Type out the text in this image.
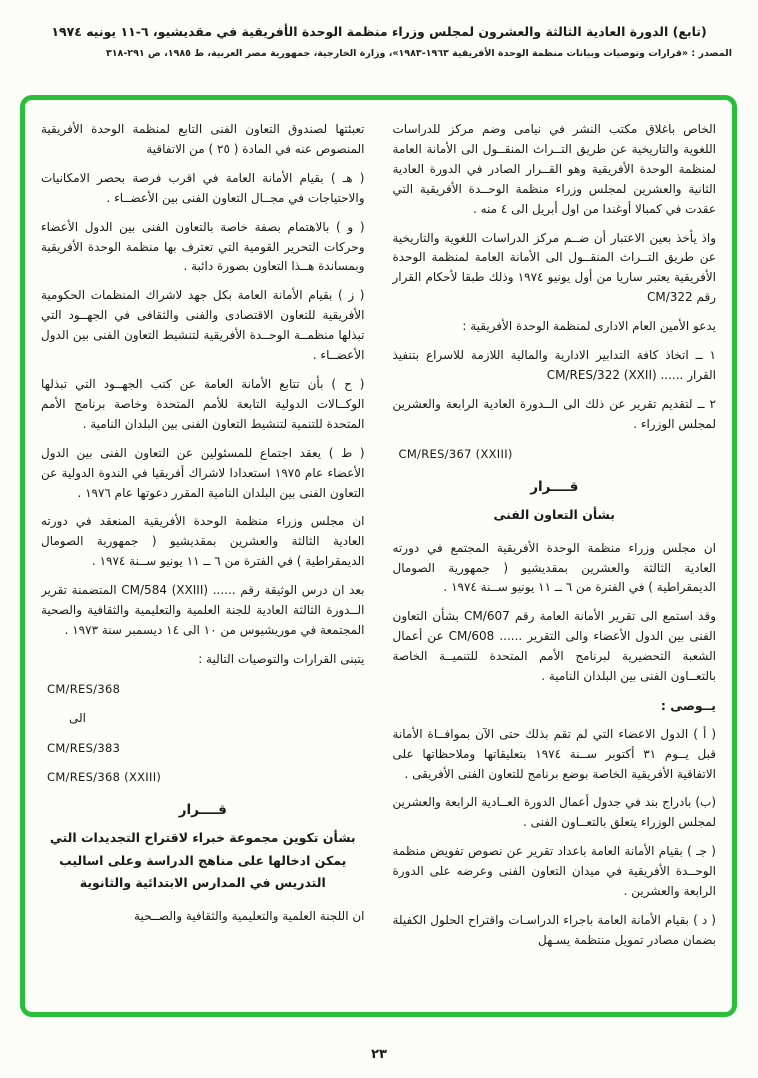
(تابع) الدورة العادية الثالثة والعشرون لمجلس وزراء منظمة الوحدة الأفريقية في مقديشيو، ٦-١١ يونيه ١٩٧٤
المصدر : «قرارات وتوصيات وبيانات منظمة الوحدة الأفريقية ١٩٦٣-١٩٨٣»، وزارة الخارجية، جمهورية مصر العربية، ط ١٩٨٥، ص ٢٩١-٣١٨
الخاص باغلاق مكتب النشر في نيامى وضم مركز للدراسات اللغوية والتاريخية عن طريق التــراث المنقــول الى الأمانة العامة لمنظمة الوحدة الأفريقية وهو القــرار الصادر في الدورة العادية الثانية والعشرين لمجلس وزراء منظمة الوحــدة الأفريقية التي عقدت في كمبالا أوغندا من اول أبريل الى ٤ منه .
واذ يأخذ بعين الاعتبار أن ضــم مركز الدراسات اللغوية والتاريخية عن طريق التــراث المنقــول الى الأمانة العامة لمنظمة الوحدة الأفريقية يعتبر ساريا من أول يونيو ١٩٧٤ وذلك طبقا لأحكام القرار رقم CM/322
يدعو الأمين العام الادارى لمنظمة الوحدة الأفريقية :
١ ــ اتخاذ كافة التدابير الادارية والمالية اللازمة للاسراع بتنفيذ القرار ...... CM/RES/322 (XXII)
٢ ــ لتقديم تقرير عن ذلك الى الــدورة العادية الرابعة والعشرين لمجلس الوزراء .
CM/RES/367 (XXIII)
قــــرار
بشأن التعاون الفنى
ان مجلس وزراء منظمة الوحدة الأفريقية المجتمع في دورته العادية الثالثة والعشرين بمقديشيو ( جمهورية الصومال الديمقراطية ) في الفترة من ٦ ــ ١١ يونيو ســنة ١٩٧٤ .
وقد استمع الى تقرير الأمانة العامة رقم CM/607 بشأن التعاون الفنى بين الدول الأعضاء والى التقرير ...... CM/608 عن أعمال الشعبة التحضيرية لبرنامج الأمم المتحدة للتنميــة الخاصة بالتعــاون الفنى بين البلدان النامية .
يــوصى :
( أ ) الدول الاعضاء التي لم تقم بذلك حتى الآن بموافــاة الأمانة قبل يــوم ٣١ أكتوبر ســنة ١٩٧٤ بتعليقاتها وملاحظاتها على الاتفاقية الأفريقية الخاصة بوضع برنامج للتعاون الفنى الأفريقى .
(ب) بادراج بند في جدول أعمال الدورة العــادية الرابعة والعشرين لمجلس الوزراء يتعلق بالتعــاون الفنى .
( جـ ) بقيام الأمانة العامة باعداد تقرير عن نصوص تفويض منظمة الوحــدة الأفريقية في ميدان التعاون الفنى وعرضه على الدورة الرابعة والعشرين .
( د ) بقيام الأمانة العامة باجراء الدراسـات واقتراح الحلول الكفيلة بضمان مصادر تمويل منتظمة يسـهل
تعبئتها لصندوق التعاون الفنى التابع لمنظمة الوحدة الأفريقية المنصوص عنه في المادة ( ٢٥ ) من الاتفاقية
( هـ ) بقيام الأمانة العامة في اقرب فرصة بحصر الامكانيات والاحتياجات في مجــال التعاون الفنى بين الأعضــاء .
( و ) بالاهتمام بصفة خاصة بالتعاون الفنى بين الدول الأعضاء وحركات التحرير القومية التي تعترف بها منظمة الوحدة الأفريقية وبمساندة هــذا التعاون بصورة دائبة .
( ز ) بقيام الأمانة العامة بكل جهد لاشراك المنظمات الحكومية الأفريقية للتعاون الاقتصادى والفنى والثقافى في الجهــود التي تبذلها منظمــة الوحــدة الأفريقية لتنشيط التعاون الفنى بين الدول الأعضــاء .
( ح ) بأن تتابع الأمانة العامة عن كتب الجهــود التي تبذلها الوكــالات الدولية التابعة للأمم المتحدة وخاصة برنامج الأمم المتحدة للتنمية لتنشيط التعاون الفنى بين البلدان النامية .
( ط ) يعقد اجتماع للمسئولين عن التعاون الفنى بين الدول الأعضاء عام ١٩٧٥ استعدادا لاشراك أفريقيا في الندوة الدولية عن التعاون الفنى بين البلدان النامية المقرر دعوتها عام ١٩٧٦ .
ان مجلس وزراء منظمة الوحدة الأفريقية المنعقد في دورته العادية الثالثة والعشرين بمقديشيو ( جمهورية الصومال الديمقراطية ) في الفترة من ٦ ــ ١١ يونيو ســنة ١٩٧٤ .
بعد ان درس الوثيقة رقم ...... CM/584 (XXIII) المتضمنة تقرير الــدورة الثالثة العادية للجنة العلمية والتعليمية والثقافية والصحية المجتمعة في موريشيوس من ١٠ الى ١٤ ديسمبر سنة ١٩٧٣ .
يتبنى القرارات والتوصيات التالية :
CM/RES/368
الى
CM/RES/383
CM/RES/368 (XXIII)
قــــرار
بشأن تكوين مجموعة خبراء لاقتراح التجديدات التي يمكن ادخالها على مناهج الدراسة وعلى اساليب التدريس في المدارس الابتدائية والثانوية
ان اللجنة العلمية والتعليمية والثقافية والصــحية
٢٣
